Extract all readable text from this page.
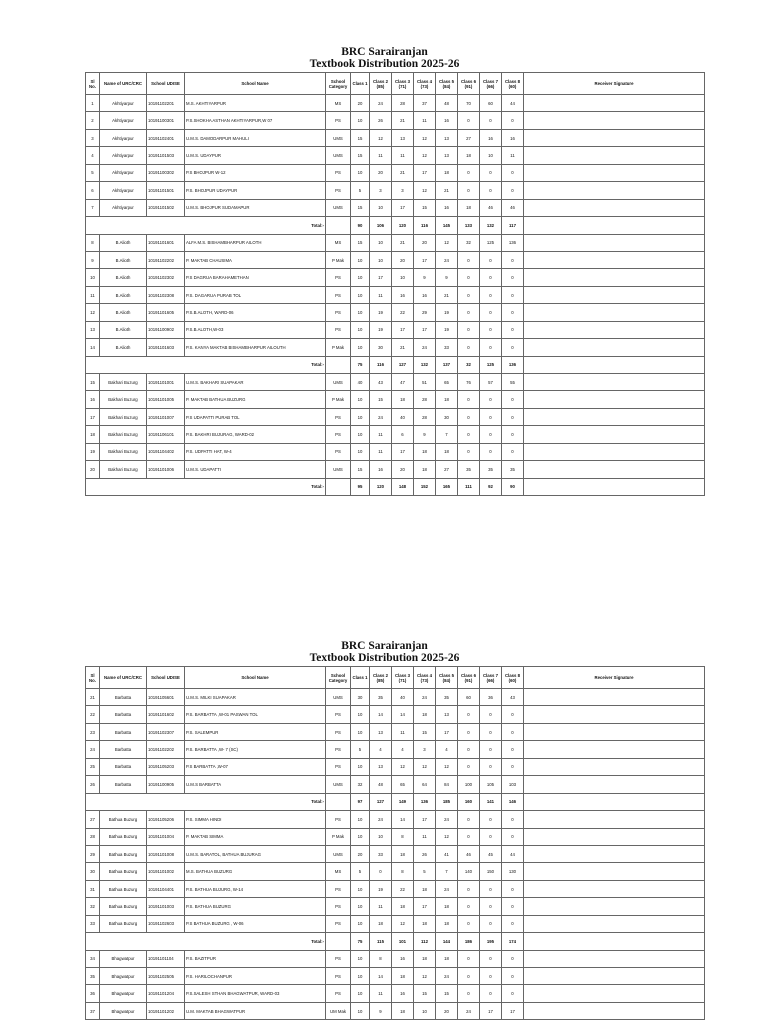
BRC Sarairanjan
Textbook Distribution 2025-26
Sl No.	Name of URC/CRC	School UDISE	School Name	School Category	Class 1	Class 2 (85)	Class 3 (71)	Class 4 (73)	Class 5 (84)	Class 6 (91)	Class 7 (66)	Class 8 (60)	Receiver Signature
1	Akhtiyarpur	10191102201	M.S. AKHTIYARPUR	MS	20	24	28	37	48	70	60	44	
2	Akhtiyarpur	10191100301	P.S.SHOKHA ASTHAN AKHTIYARPUR,W 07	PS	10	26	21	11	16	0	0	0	
3	Akhtiyarpur	10191102401	U.M.S. DAMODARPUR MAHULI	UMS	15	12	13	12	13	27	16	16	
4	Akhtiyarpur	10191101503	U.M.S. UDAYPUR	UMS	15	11	11	12	13	18	10	11	
5	Akhtiyarpur	10191100302	P.S BHOJPUR W-12	PS	10	20	21	17	18	0	0	0	
6	Akhtiyarpur	10191101501	P.S. BHOJPUR UDAYPUR	PS	5	3	3	12	21	0	0	0	
7	Akhtiyarpur	10191101502	U.M.S. BHOJPUR SUDAMAPUR	UMS	15	10	17	15	16	18	46	46	
Total:-					90	106	120	116	145	133	132	117	
8	B.Alioth	10191101601	ALFA M.S. BISHAMBHARPUR AILOTH	MS	15	10	21	20	12	32	125	136	
9	B.Alioth	10191102202	P. MAKTAB CHAUSIMA	P Mak	10	10	20	17	24	0	0	0	
10	B.Alioth	10191102302	P.S DAGRUA BARAHAMETHAN	PS	10	17	10	9	9	0	0	0	
11	B.Alioth	10191102308	P.S. DAGARUA PURAB TOL	PS	10	11	16	16	21	0	0	0	
12	B.Alioth	10191101605	P.S.B.ALOTH, WARD-06	PS	10	19	22	29	19	0	0	0	
13	B.Alioth	10191100902	P.S.B.ALOTH,W-03	PS	10	19	17	17	19	0	0	0	
14	B.Alioth	10191101603	P.S. KANYA MAKTAB BISHAMBHARPUR AILOUTH	P Mak	10	30	21	24	33	0	0	0	
Total:-					75	116	127	132	137	32	125	136	
15	Bakhari Buzurg	10191101001	U.M.S. BAKHARI SUAPAKAR	UMS	40	43	47	51	65	76	57	55	
16	Bakhari Buzurg	10191101005	P. MAKTAB BATHUA BUZURG	P Mak	10	15	18	28	18	0	0	0	
17	Bakhari Buzurg	10191101007	P.S UDAPATTI PURAB TOL	PS	10	24	40	28	30	0	0	0	
18	Bakhari Buzurg	10191106101	P.S. BAKHRI BUJURAG, WARD-02	PS	10	11	6	9	7	0	0	0	
19	Bakhari Buzurg	10191104402	P.S. UDPATTI HAT, W-4	PS	10	11	17	18	18	0	0	0	
20	Bakhari Buzurg	10191101006	U.M.S. UDAPATTI	UMS	15	16	20	18	27	35	35	35	
Total:-					95	120	148	152	165	111	92	90	
BRC Sarairanjan
Textbook Distribution 2025-26
Sl No.	Name of URC/CRC	School UDISE	School Name	School Category	Class 1	Class 2 (85)	Class 3 (71)	Class 4 (73)	Class 5 (84)	Class 6 (91)	Class 7 (66)	Class 8 (60)	Receiver Signature
21	Barbatta	10191105601	U.M.S. MILKI SUAPAKAR	UMS	30	35	40	24	35	60	36	43	
22	Barbatta	10191101602	P.S. BARBATTA ,W-01 PASWAN TOL	PS	10	14	14	18	13	0	0	0	
23	Barbatta	10191102307	P.S. SALEMPUR	PS	10	13	11	15	17	0	0	0	
24	Barbatta	10191102202	P.S. BARBATTA ,W- 7 (SC)	PS	5	4	4	3	4	0	0	0	
25	Barbatta	10191105203	P.S BARBATTA ,W-07	PS	10	13	12	12	12	0	0	0	
26	Barbatta	10191100905	U.M.S BARBATTA	UMS	32	48	65	64	84	100	105	103	
Total:-					97	127	149	136	185	160	141	146	
27	Bathua Buzurg	10191105206	P.S. SIMMA HINDI	PS	10	24	14	17	24	0	0	0	
28	Bathua Buzurg	10191101004	P. MAKTAB SIMMA	P Mak	10	10	8	11	12	0	0	0	
29	Bathua Buzurg	10191101008	U.M.S. BARATOL, BATHUA BUJURAG	UMS	20	33	18	26	41	46	45	44	
30	Bathua Buzurg	10191101002	M.S. BATHUA BUZURG	MS	5	0	8	5	7	140	150	130	
31	Bathua Buzurg	10191104401	P.S. BATHUA BUJURG, W-14	PS	10	19	22	18	24	0	0	0	
32	Bathua Buzurg	10191101003	P.S. BATHUA BUZURG	PS	10	11	18	17	18	0	0	0	
33	Bathua Buzurg	10191102603	P.S BATHUA BUZURG , W-06	PS	10	18	12	18	18	0	0	0	
Total:-					75	115	101	112	144	186	195	174	
34	Bhagwatpur	10191101104	P.S. BAZITPUR	PS	10	8	16	18	18	0	0	0	
35	Bhagwatpur	10191102505	P.S. HARILOCHANPUR	PS	10	14	18	12	24	0	0	0	
36	Bhagwatpur	10191101204	P.S.SALESH STHAN BHAGWATPUR, WARD-03	PS	10	11	16	15	15	0	0	0	
37	Bhagwatpur	10191101202	U.M. MAKTAB BHAGWATPUR	UM Mak	10	9	18	10	20	24	17	17	
